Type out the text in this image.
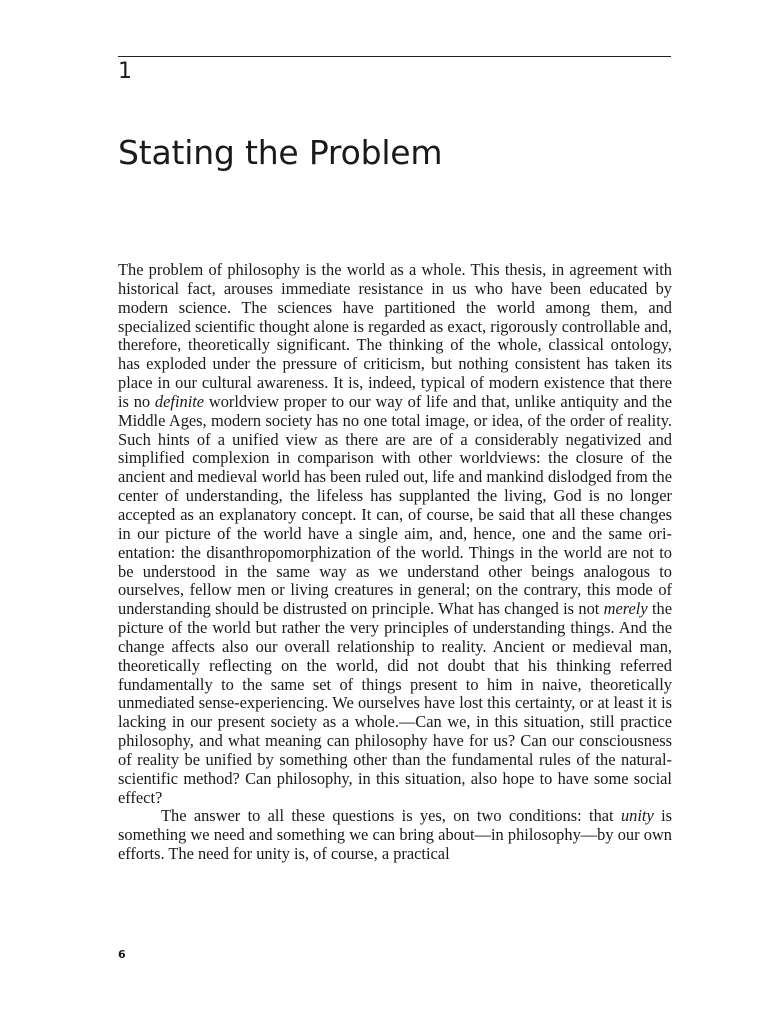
1
Stating the Problem

The problem of philosophy is the world as a whole. This thesis, in agreement with historical fact, arouses immediate resistance in us who have been educated by modern science. The sciences have partitioned the world among them, and specialized scientific thought alone is regarded as exact, rigorously controllable and, therefore, theoretically significant. The thinking of the whole, classical ontology, has exploded under the pressure of criticism, but nothing consistent has taken its place in our cultural awareness. It is, indeed, typical of modern existence that there is no definite worldview proper to our way of life and that, unlike antiquity and the Middle Ages, modern society has no one total image, or idea, of the order of reality. Such hints of a unified view as there are are of a considerably negativized and simplified complexion in comparison with other worldviews: the closure of the ancient and medieval world has been ruled out, life and mankind dislodged from the center of understanding, the lifeless has supplanted the living, God is no longer accepted as an explanatory concept. It can, of course, be said that all these changes in our picture of the world have a single aim, and, hence, one and the same orientation: the disanthropomorphization of the world. Things in the world are not to be understood in the same way as we understand other beings analogous to ourselves, fellow men or living creatures in general; on the contrary, this mode of understanding should be distrusted on principle. What has changed is not merely the picture of the world but rather the very principles of understanding things. And the change affects also our overall relationship to reality. Ancient or medieval man, theoretically reflecting on the world, did not doubt that his thinking referred fundamentally to the same set of things present to him in naive, theoretically unmediated sense-experiencing. We ourselves have lost this certainty, or at least it is lacking in our present society as a whole.—Can we, in this situation, still practice philosophy, and what meaning can philosophy have for us? Can our consciousness of reality be unified by something other than the fundamental rules of the natural-scientific method? Can philosophy, in this situation, also hope to have some social effect?

The answer to all these questions is yes, on two conditions: that unity is something we need and something we can bring about—in philosophy—by our own efforts. The need for unity is, of course, a practical

6
